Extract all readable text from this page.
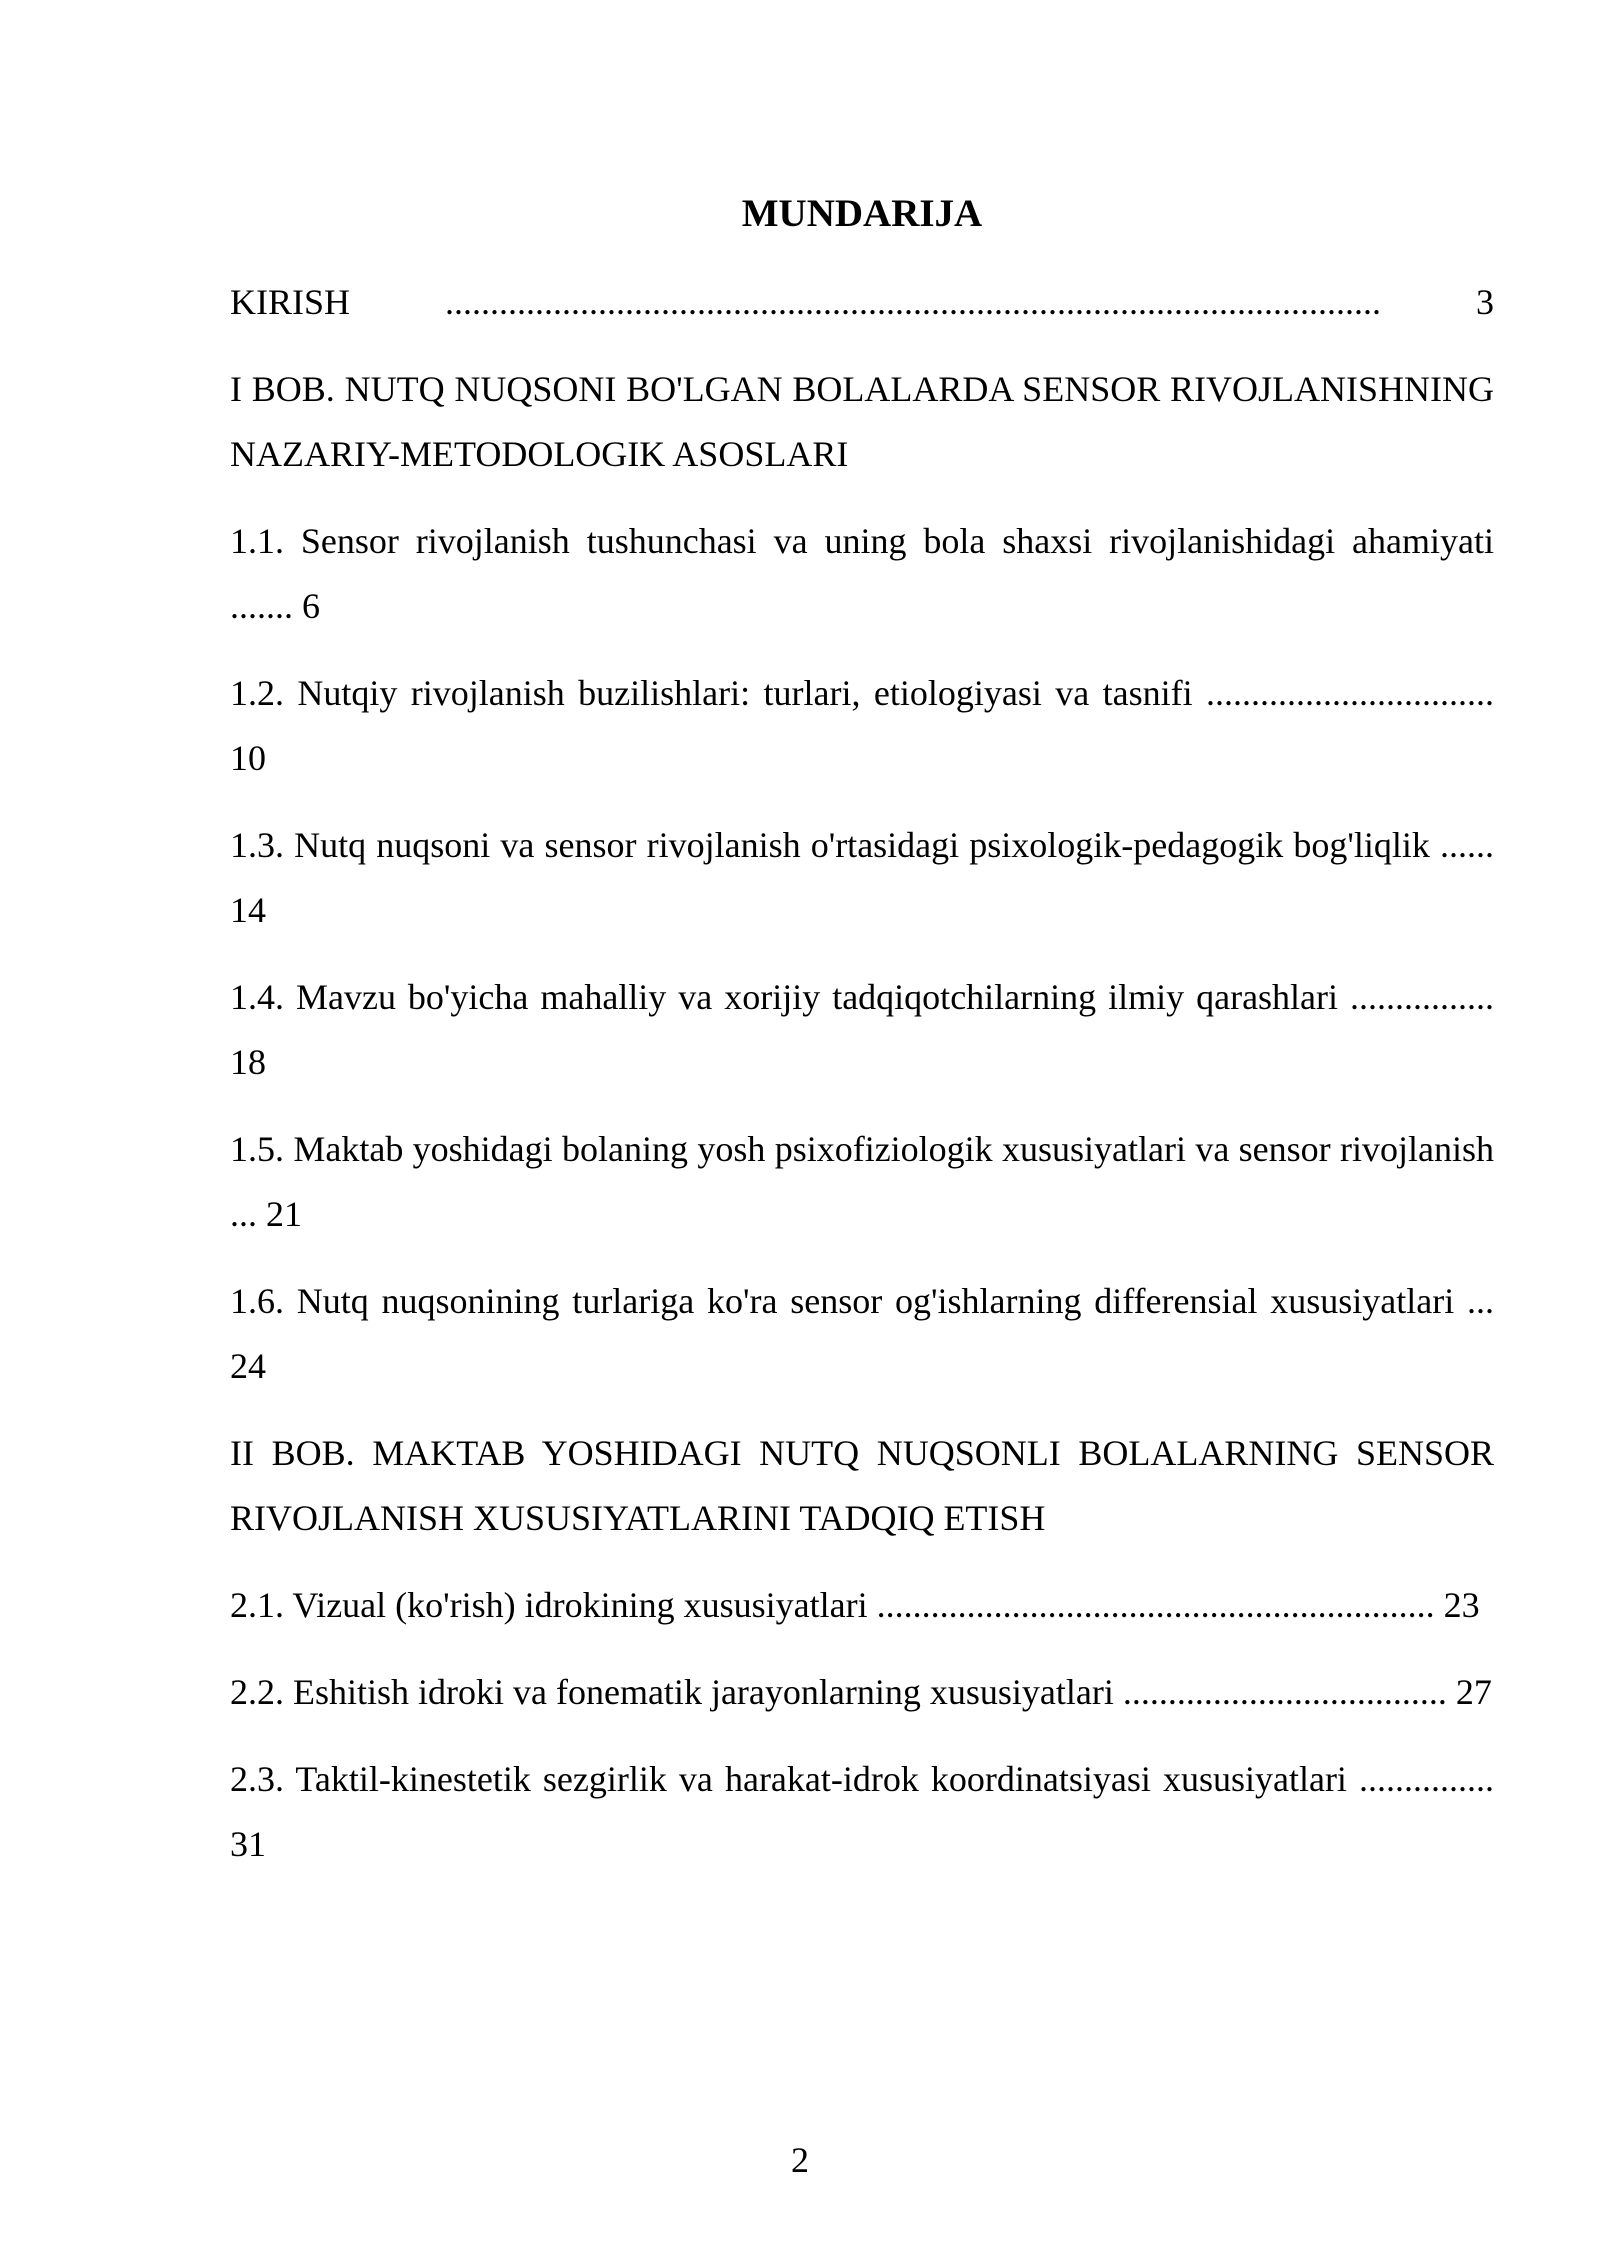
MUNDARIJA
KIRISH ........................................................................................................ 3
I BOB. NUTQ NUQSONI BO'LGAN BOLALARDA SENSOR RIVOJLANISHNING NAZARIY-METODOLOGIK ASOSLARI
1.1. Sensor rivojlanish tushunchasi va uning bola shaxsi rivojlanishidagi ahamiyati ....... 6
1.2. Nutqiy rivojlanish buzilishlari: turlari, etiologiyasi va tasnifi ................................ 10
1.3. Nutq nuqsoni va sensor rivojlanish o'rtasidagi psixologik-pedagogik bog'liqlik ...... 14
1.4. Mavzu bo'yicha mahalliy va xorijiy tadqiqotchilarning ilmiy qarashlari ................ 18
1.5. Maktab yoshidagi bolaning yosh psixofiziologik xususiyatlari va sensor rivojlanish ... 21
1.6. Nutq nuqsonining turlariga ko'ra sensor og'ishlarning differensial xususiyatlari ... 24
II BOB. MAKTAB YOSHIDAGI NUTQ NUQSONLI BOLALARNING SENSOR RIVOJLANISH XUSUSIYATLARINI TADQIQ ETISH
2.1. Vizual (ko'rish) idrokining xususiyatlari .............................................................. 23
2.2. Eshitish idroki va fonematik jarayonlarning xususiyatlari .................................... 27
2.3. Taktil-kinestetik sezgirlik va harakat-idrok koordinatsiyasi xususiyatlari ............... 31
2
